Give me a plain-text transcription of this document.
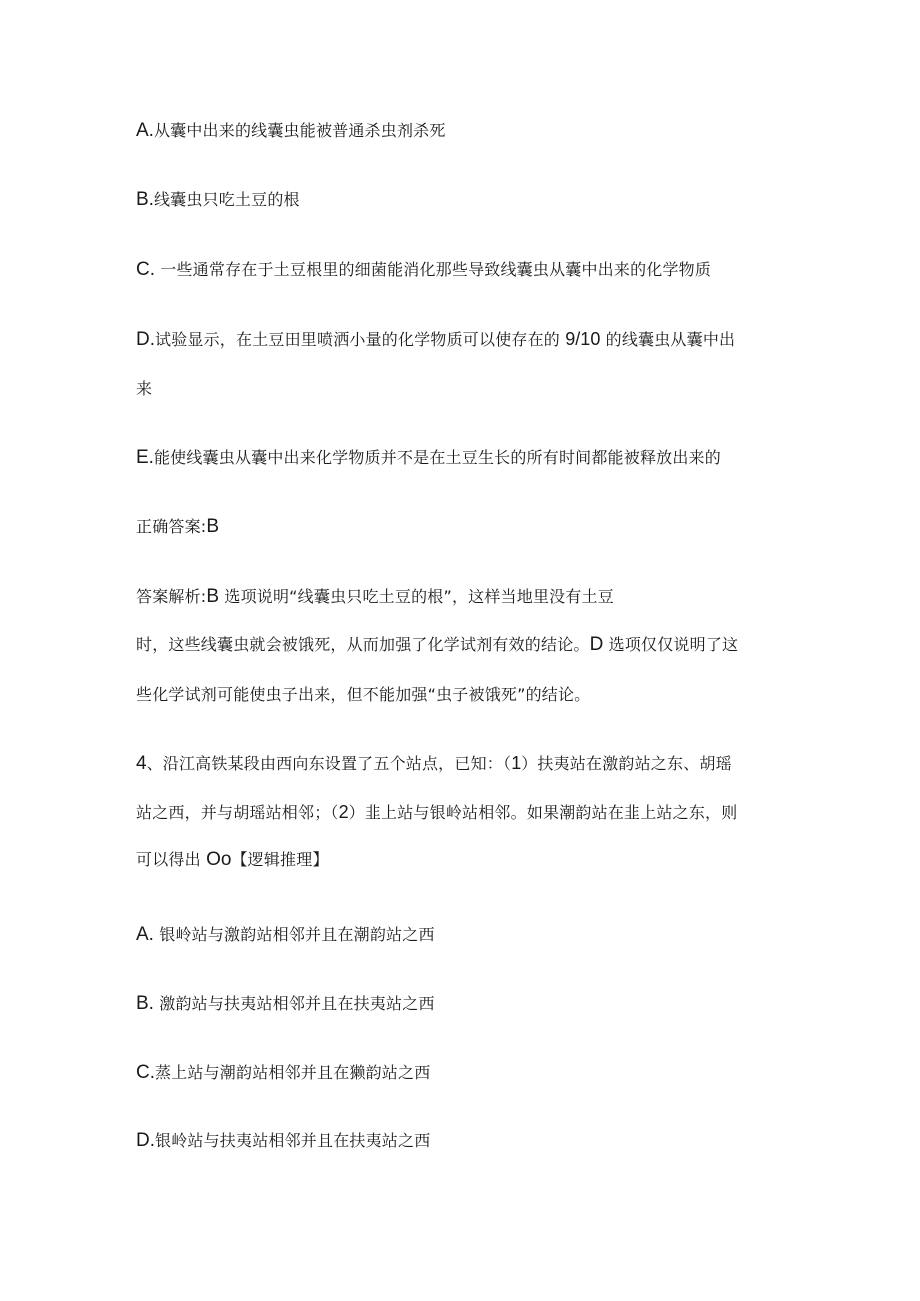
A.从囊中出来的线囊虫能被普通杀虫剂杀死
B.线囊虫只吃土豆的根
C. 一些通常存在于土豆根里的细菌能消化那些导致线囊虫从囊中出来的化学物质
D.试验显示，在土豆田里喷洒小量的化学物质可以使存在的 9/10 的线囊虫从囊中出
来
E.能使线囊虫从囊中出来化学物质并不是在土豆生长的所有时间都能被释放出来的
正确答案:B
答案解析:B 选项说明“线囊虫只吃土豆的根”，这样当地里没有土豆
时，这些线囊虫就会被饿死，从而加强了化学试剂有效的结论。D 选项仅仅说明了这
些化学试剂可能使虫子出来，但不能加强“虫子被饿死”的结论。
4、沿江高铁某段由西向东设置了五个站点，已知：（1）扶夷站在激韵站之东、胡瑶
站之西，并与胡瑶站相邻；（2）韭上站与银岭站相邻。如果潮韵站在韭上站之东，则
可以得出 Oo【逻辑推理】
A. 银岭站与激韵站相邻并且在潮韵站之西
B. 激韵站与扶夷站相邻并且在扶夷站之西
C.蒸上站与潮韵站相邻并且在獭韵站之西
D.银岭站与扶夷站相邻并且在扶夷站之西
